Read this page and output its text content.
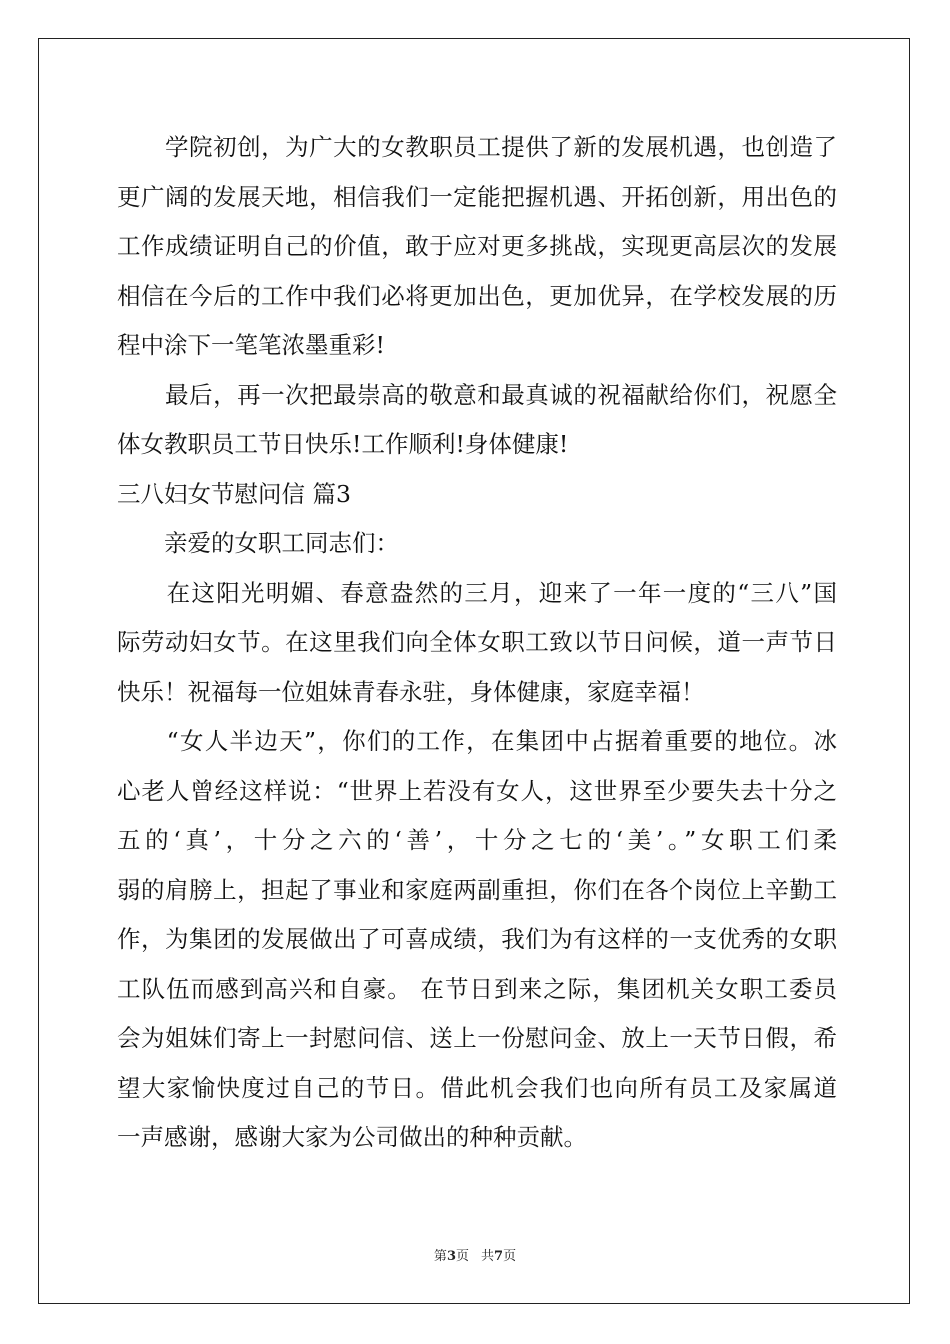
　　学院初创，为广大的女教职员工提供了新的发展机遇，也创造了
更广阔的发展天地，相信我们一定能把握机遇、开拓创新，用出色的
工作成绩证明自己的价值，敢于应对更多挑战，实现更高层次的发展
相信在今后的工作中我们必将更加出色，更加优异，在学校发展的历
程中涂下一笔笔浓墨重彩!
　　最后，再一次把最崇高的敬意和最真诚的祝福献给你们，祝愿全
体女教职员工节日快乐!工作顺利!身体健康!
三八妇女节慰问信 篇3
　　亲爱的女职工同志们：
　　在这阳光明媚、春意盎然的三月，迎来了一年一度的“三八”国
际劳动妇女节。在这里我们向全体女职工致以节日问候，道一声节日
快乐！祝福每一位姐妹青春永驻，身体健康，家庭幸福！
　　“女人半边天”，你们的工作，在集团中占据着重要的地位。冰
心老人曾经这样说：“世界上若没有女人，这世界至少要失去十分之
五的‘真’，十分之六的‘善’，十分之七的‘美’。”女职工们柔
弱的肩膀上，担起了事业和家庭两副重担，你们在各个岗位上辛勤工
作，为集团的发展做出了可喜成绩，我们为有这样的一支优秀的女职
工队伍而感到高兴和自豪。 在节日到来之际，集团机关女职工委员
会为姐妹们寄上一封慰问信、送上一份慰问金、放上一天节日假，希
望大家愉快度过自己的节日。借此机会我们也向所有员工及家属道
一声感谢，感谢大家为公司做出的种种贡献。
第3页 共7页
